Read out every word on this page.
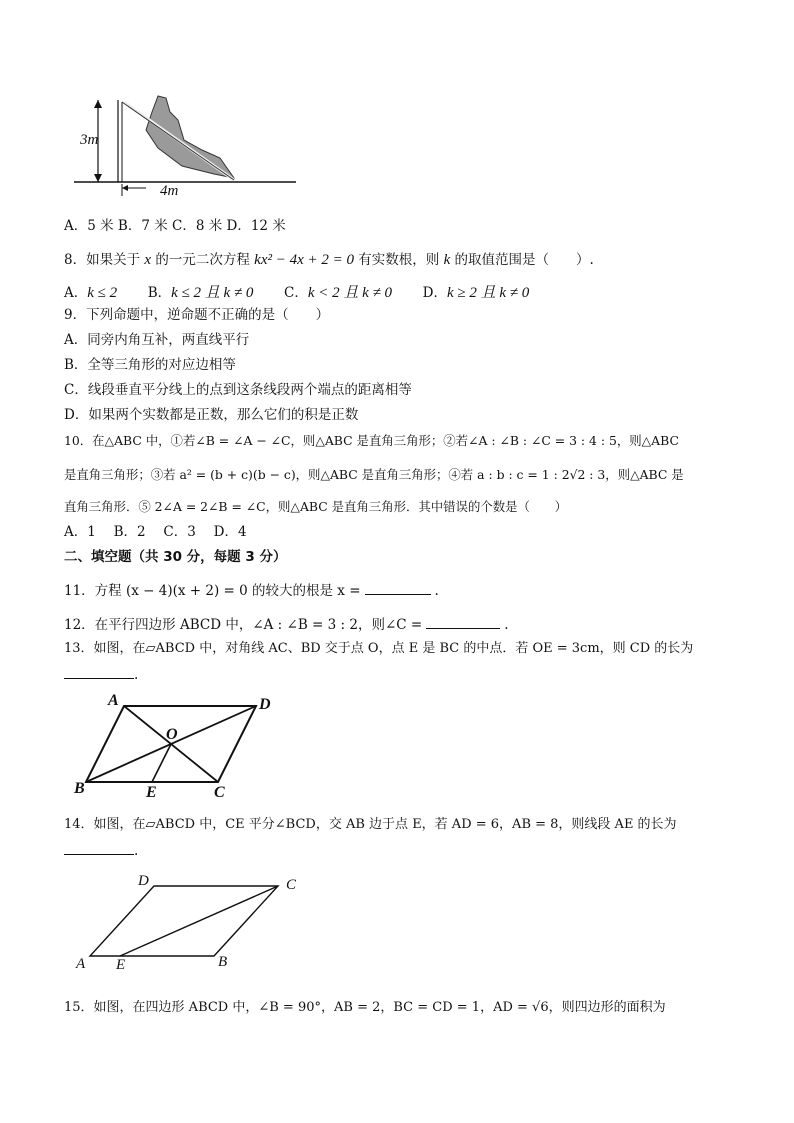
3m
4m
A．5 米 B．7 米 C．8 米 D．12 米
8．如果关于 x 的一元二次方程 kx² − 4x + 2 = 0 有实数根，则 k 的取值范围是（　　）.
A．k ≤ 2 B．k ≤ 2 且 k ≠ 0 C．k < 2 且 k ≠ 0 D．k ≥ 2 且 k ≠ 0
9．下列命题中，逆命题不正确的是（　　）
A．同旁内角互补，两直线平行
B．全等三角形的对应边相等
C．线段垂直平分线上的点到这条线段两个端点的距离相等
D．如果两个实数都是正数，那么它们的积是正数
10．在△ABC 中，①若∠B = ∠A − ∠C，则△ABC 是直角三角形；②若∠A : ∠B : ∠C = 3 : 4 : 5，则△ABC
是直角三角形；③若 a² = (b + c)(b − c)，则△ABC 是直角三角形；④若 a : b : c = 1 : 2√2 : 3，则△ABC 是
直角三角形．⑤ 2∠A = 2∠B = ∠C，则△ABC 是直角三角形．其中错误的个数是（　　）
A．1　 B．2　 C．3　 D．4
二、填空题（共 30 分，每题 3 分）
11．方程 (x − 4)(x + 2) = 0 的较大的根是 x =	.
12．在平行四边形 ABCD 中，∠A : ∠B = 3 : 2，则∠C =	.
13．如图，在▱ABCD 中，对角线 AC、BD 交于点 O，点 E 是 BC 的中点．若 OE = 3cm，则 CD 的长为
.
A	D
O
B	E	C
14．如图，在▱ABCD 中，CE 平分∠BCD，交 AB 边于点 E，若 AD = 6，AB = 8，则线段 AE 的长为
.
D	C
A E	B
15．如图，在四边形 ABCD 中，∠B = 90°，AB = 2，BC = CD = 1，AD = √6，则四边形的面积为
